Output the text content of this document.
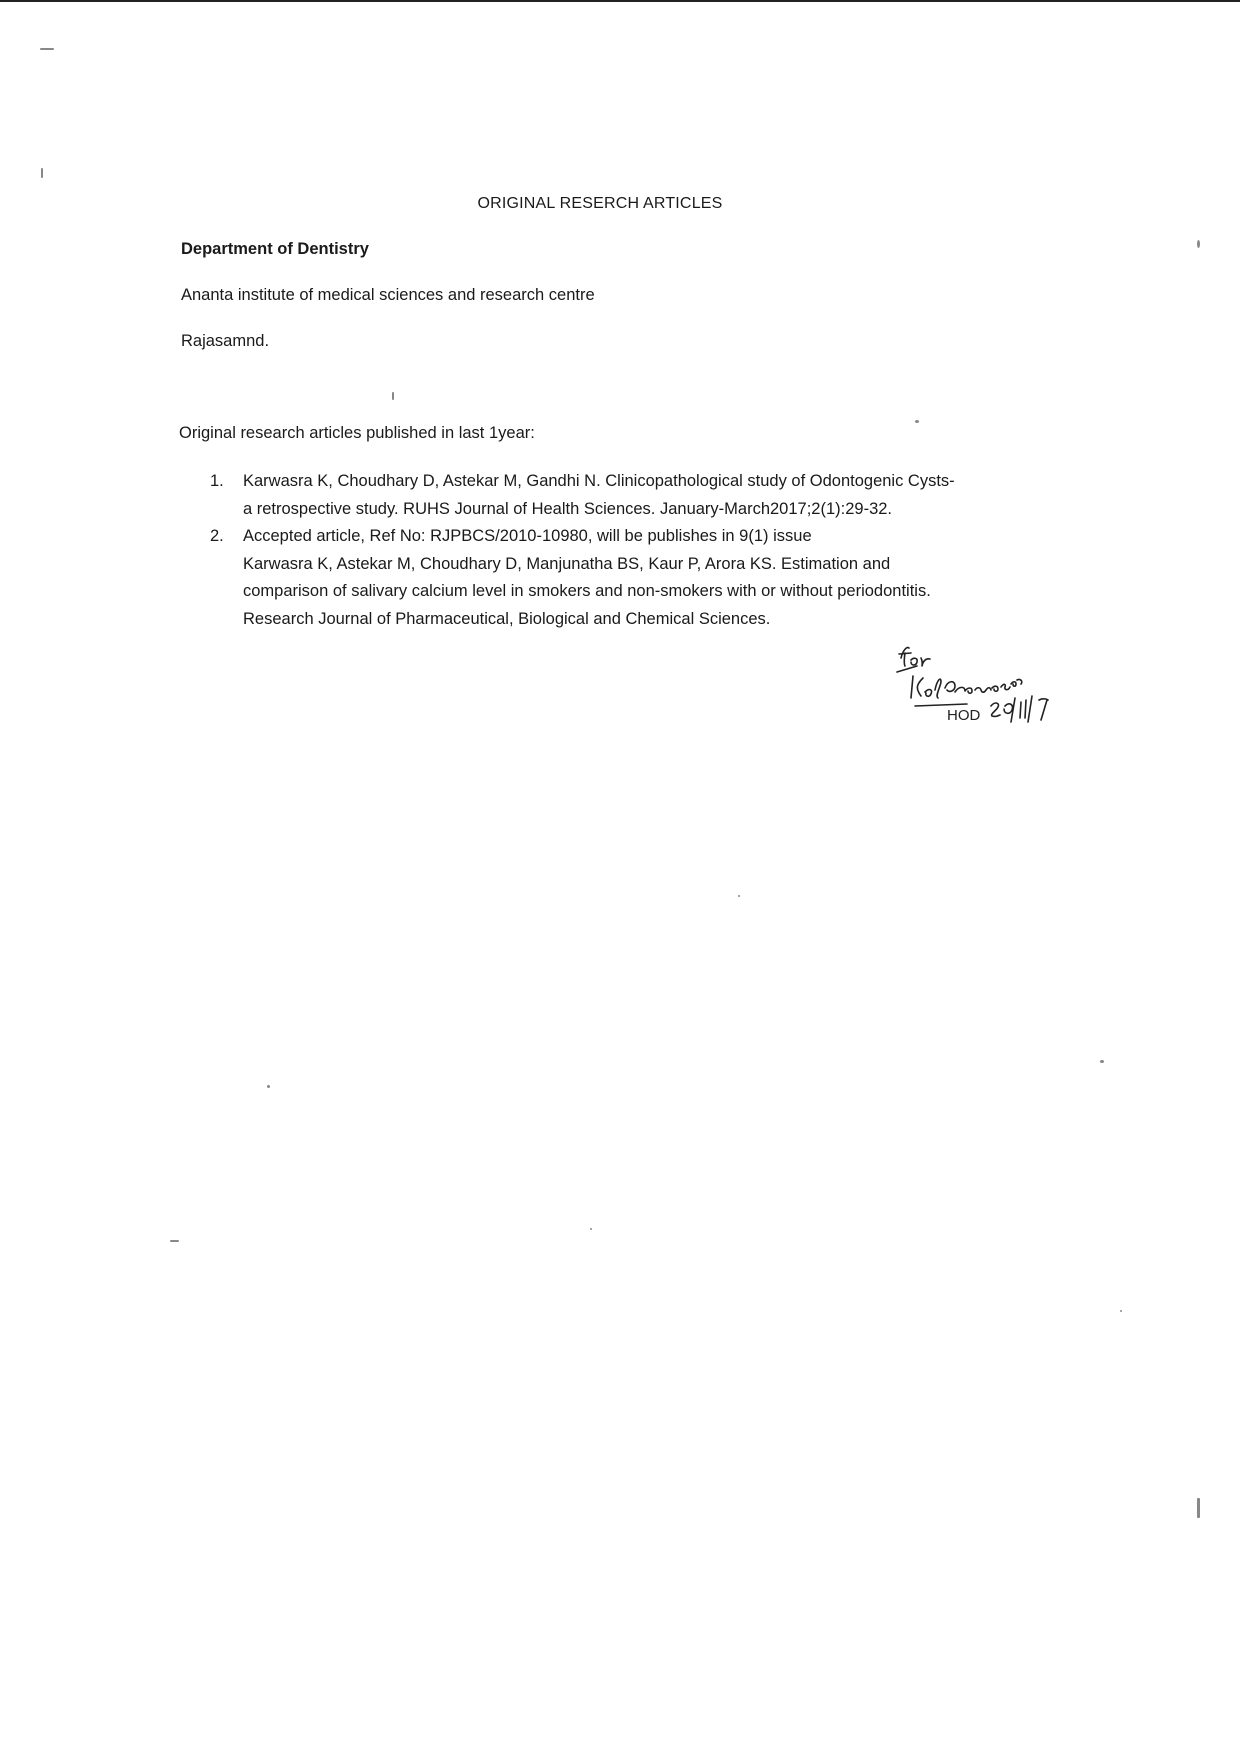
ORIGINAL RESERCH ARTICLES
Department of Dentistry
Ananta institute of medical sciences and research centre
Rajasamnd.
Original research articles published in last 1year:
1. Karwasra K, Choudhary D, Astekar M, Gandhi N. Clinicopathological study of Odontogenic Cysts-
a retrospective study. RUHS Journal of Health Sciences. January-March2017;2(1):29-32.
2. Accepted article, Ref No: RJPBCS/2010-10980, will be publishes in 9(1) issue
Karwasra K, Astekar M, Choudhary D, Manjunatha BS, Kaur P, Arora KS. Estimation and
comparison of salivary calcium level in smokers and non-smokers with or without periodontitis.
Research Journal of Pharmaceutical, Biological and Chemical Sciences.
HOD
